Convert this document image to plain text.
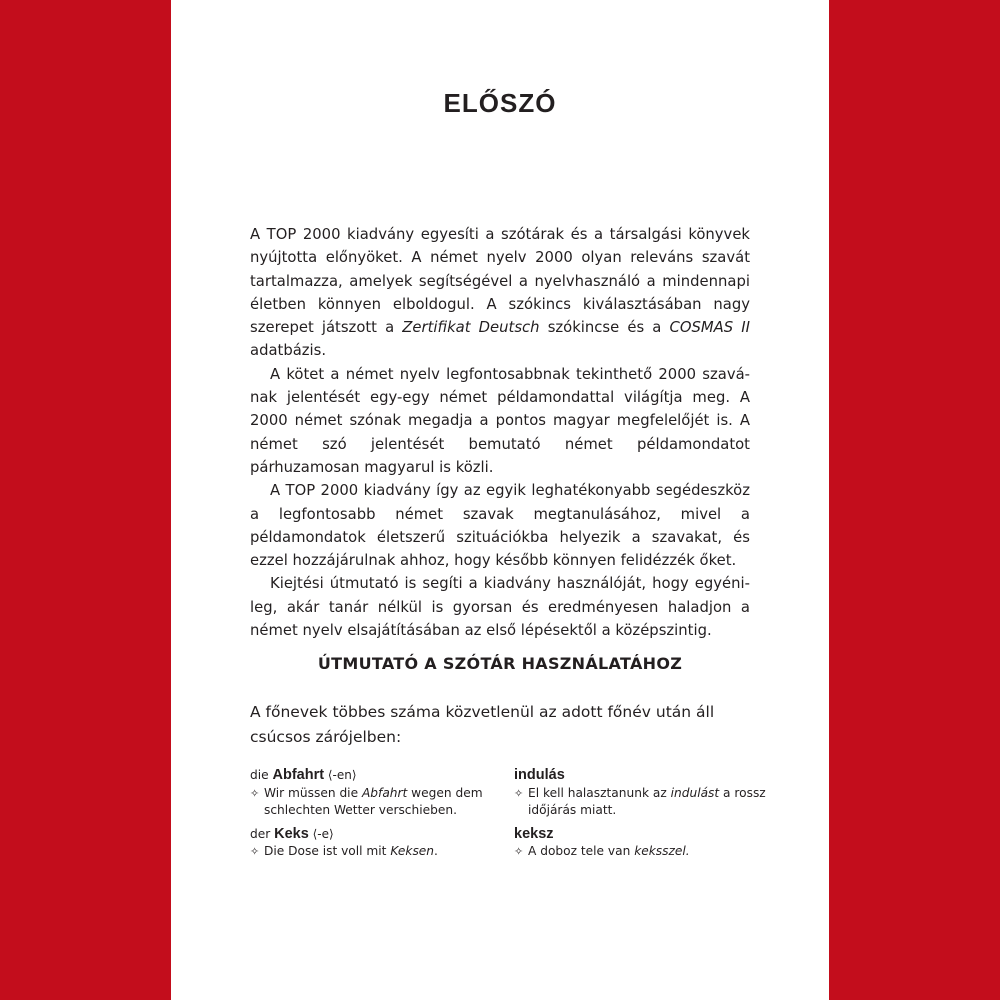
ELŐSZÓ

A TOP 2000 kiadvány egyesíti a szótárak és a társalgási könyvek nyújtotta előnyöket. A német nyelv 2000 olyan releváns szavát tartalmazza, amelyek segítségével a nyelvhasználó a mindennapi életben könnyen elboldogul. A szókincs kiválasztásában nagy szerepet játszott a Zertifikat Deutsch szókincse és a COSMAS II adatbázis.

A kötet a német nyelv legfontosabbnak tekinthető 2000 szavának jelentését egy-egy német példamondattal világítja meg. A 2000 német szónak megadja a pontos magyar megfelelőjét is. A német szó jelentését bemutató német példamondatot párhuzamosan magyarul is közli.

A TOP 2000 kiadvány így az egyik leghatékonyabb segédeszköz a legfontosabb német szavak megtanulásához, mivel a példamondatok életszerű szituációkba helyezik a szavakat, és ezzel hozzájárulnak ahhoz, hogy később könnyen felidézzék őket.

Kiejtési útmutató is segíti a kiadvány használóját, hogy egyénileg, akár tanár nélkül is gyorsan és eredményesen haladjon a német nyelv elsajátításában az első lépésektől a középszintig.

ÚTMUTATÓ A SZÓTÁR HASZNÁLATÁHOZ

A főnevek többes száma közvetlenül az adott főnév után áll csúcsos zárójelben:

die Abfahrt ⟨-en⟩
✧ Wir müssen die Abfahrt wegen dem schlechten Wetter verschieben.
der Keks ⟨-e⟩
✧ Die Dose ist voll mit Keksen.
indulás
✧ El kell halasztanunk az indulást a rossz időjárás miatt.
keksz
✧ A doboz tele van keksszel.
